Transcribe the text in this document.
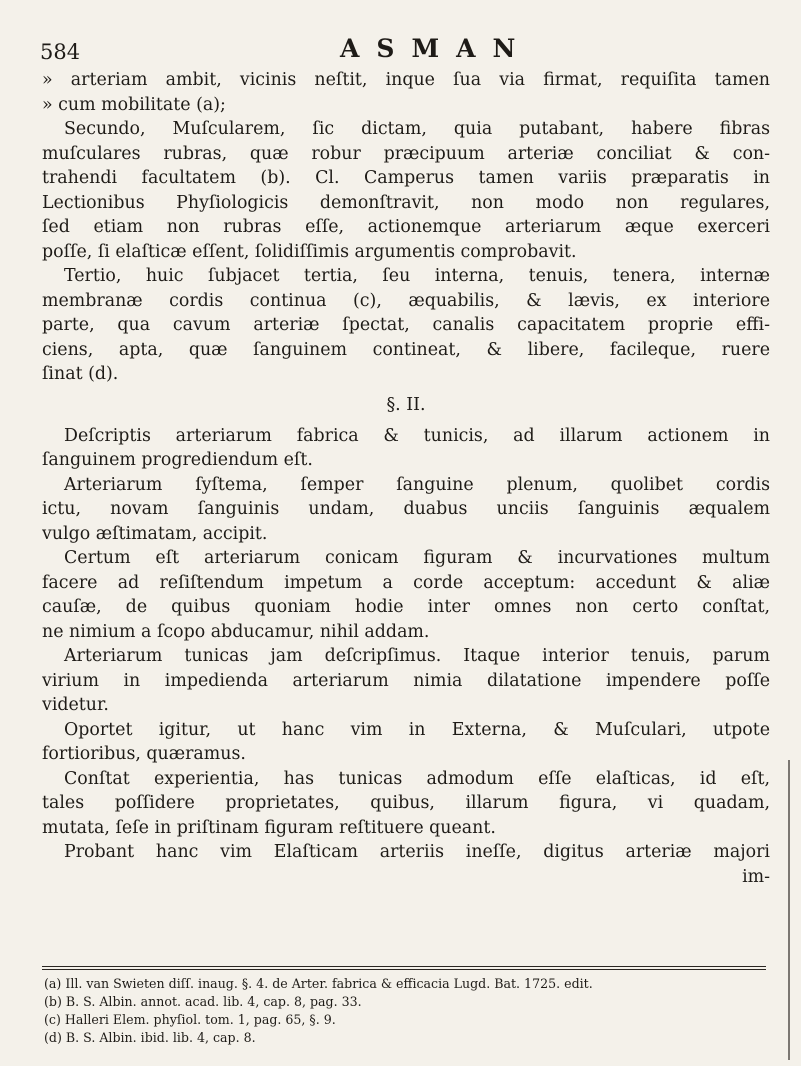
584	ASMAN
» arteriam ambit, vicinis neſtit, inque ſua via firmat, requiſita tamen
» cum mobilitate (a);
Secundo, Muſcularem, ſic dictam, quia putabant, habere fibras
muſculares rubras, quæ robur præcipuum arteriæ conciliat & con-
trahendi facultatem (b). Cl. Camperus tamen variis præparatis in
Lectionibus Phyſiologicis demonſtravit, non modo non regulares,
ſed etiam non rubras eſſe, actionemque arteriarum æque exerceri
poſſe, ſi elaſticæ eſſent, ſolidiſſimis argumentis comprobavit.
Tertio, huic ſubjacet tertia, ſeu interna, tenuis, tenera, internæ
membranæ cordis continua (c), æquabilis, & lævis, ex interiore
parte, qua cavum arteriæ ſpectat, canalis capacitatem proprie effi-
ciens, apta, quæ ſanguinem contineat, & libere, facileque, ruere
ſinat (d).
§. II.
Deſcriptis arteriarum fabrica & tunicis, ad illarum actionem in
ſanguinem progrediendum eſt.
Arteriarum ſyſtema, ſemper ſanguine plenum, quolibet cordis
ictu, novam ſanguinis undam, duabus unciis ſanguinis æqualem
vulgo æſtimatam, accipit.
Certum eſt arteriarum conicam figuram & incurvationes multum
facere ad reſiſtendum impetum a corde acceptum: accedunt & aliæ
cauſæ, de quibus quoniam hodie inter omnes non certo conſtat,
ne nimium a ſcopo abducamur, nihil addam.
Arteriarum tunicas jam deſcripſimus. Itaque interior tenuis, parum
virium in impedienda arteriarum nimia dilatatione impendere poſſe
videtur.
Oportet igitur, ut hanc vim in Externa, & Muſculari, utpote
fortioribus, quæramus.
Conſtat experientia, has tunicas admodum eſſe elaſticas, id eſt,
tales poſſidere proprietates, quibus, illarum figura, vi quadam,
mutata, ſeſe in priſtinam figuram reſtituere queant.
Probant hanc vim Elaſticam arteriis ineſſe, digitus arteriæ majori
im-
(a) Ill. van Swieten diſſ. inaug. §. 4. de Arter. fabrica & efficacia Lugd. Bat. 1725. edit.
(b) B. S. Albin. annot. acad. lib. 4, cap. 8, pag. 33.
(c) Halleri Elem. phyſiol. tom. 1, pag. 65, §. 9.
(d) B. S. Albin. ibid. lib. 4, cap. 8.
